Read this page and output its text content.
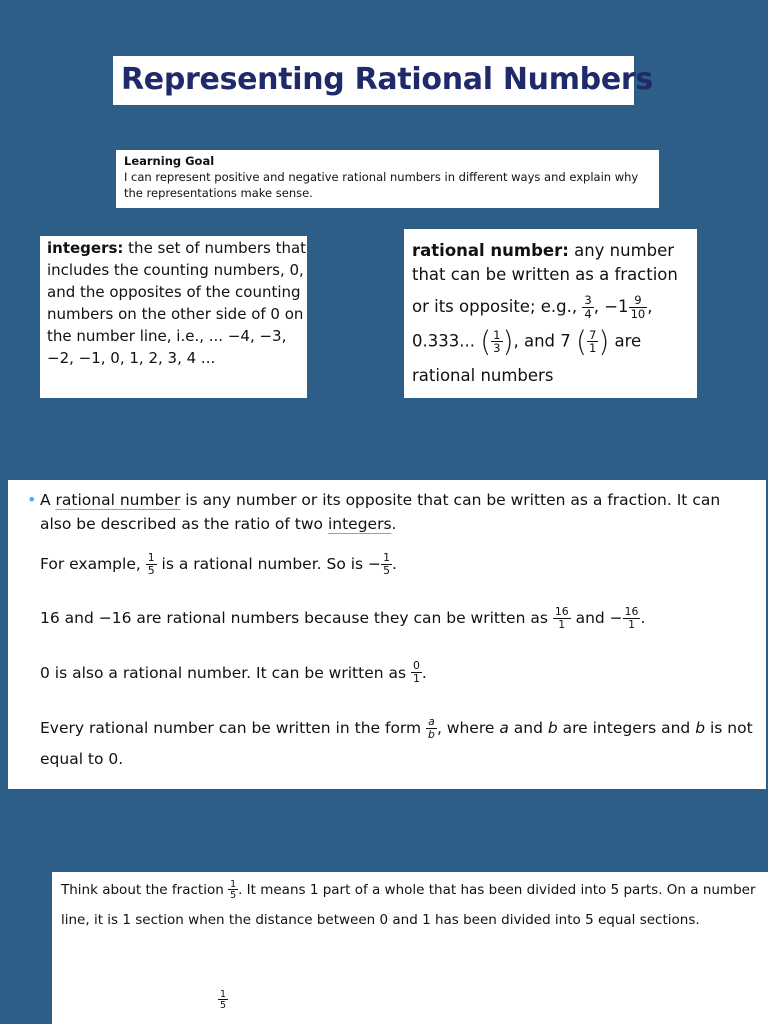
Representing Rational Numbers
Learning Goal
I can represent positive and negative rational numbers in different ways and explain why the representations make sense.
integers: the set of numbers that includes the counting numbers, 0, and the opposites of the counting numbers on the other side of 0 on the number line, i.e., ... −4, −3, −2, −1, 0, 1, 2, 3, 4 ...
rational number: any number
that can be written as a fraction
or its opposite; e.g., $\frac{3}{4}$ , $-1 \frac{9}{10}$ ,
0.333... ( $\frac{1}{3}$ ), and 7 ( $\frac{7}{1}$ ) are
rational numbers

• A rational number is any number or its opposite that can be written as a fraction. It can also be described as the ratio of two integers.

For example, $\frac{1}{5}$ is a rational number. So is − $\frac{1}{5}$ .

16 and −16 are rational numbers because they can be written as $\frac{16}{1}$ and − $\frac{16}{1}$ .

0 is also a rational number. It can be written as $\frac{0}{1}$ .

Every rational number can be written in the form $\frac{a}{b}$ , where a and b are integers and b is not equal to 0.

Think about the fraction $\frac{1}{5}$ . It means 1 part of a whole that has been divided into 5 parts. On a number line, it is 1 section when the distance between 0 and 1 has been divided into 5 equal sections.

$\frac{1}{5}$
